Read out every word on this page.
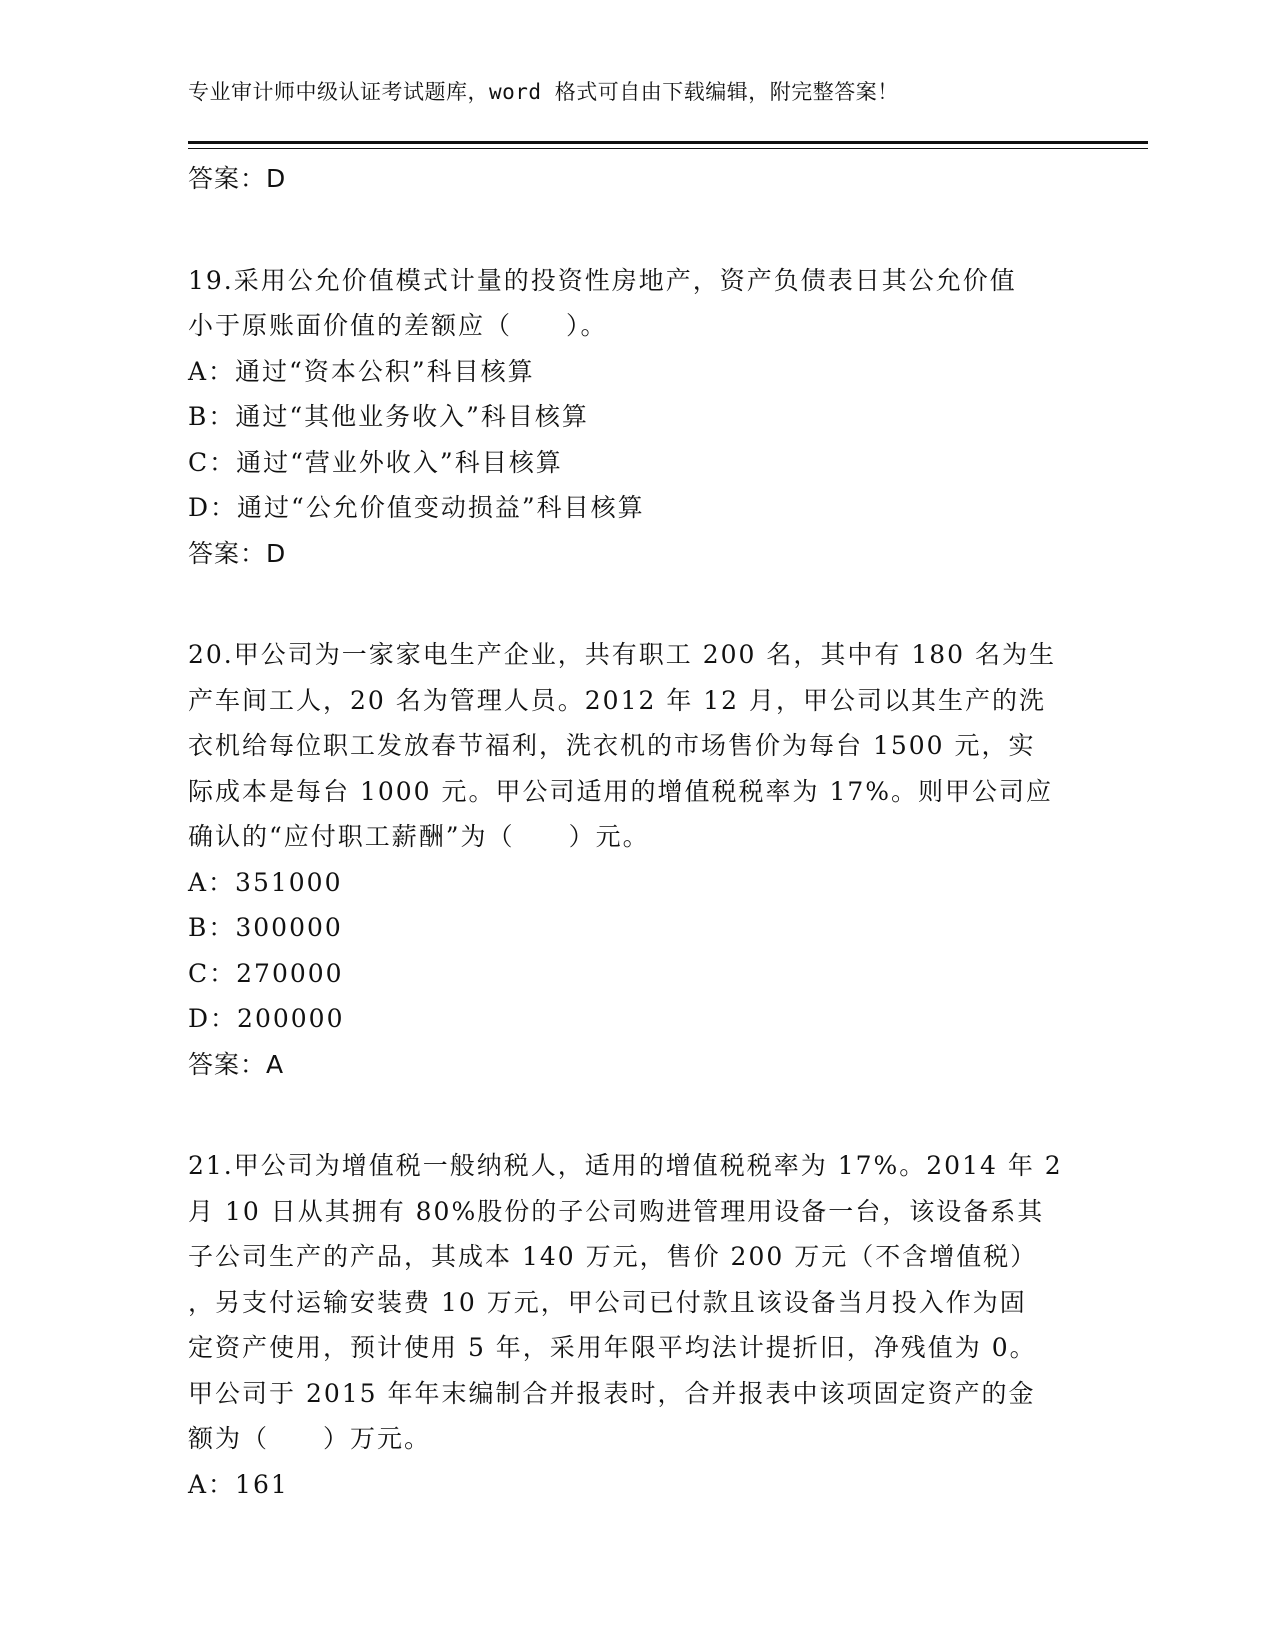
专业审计师中级认证考试题库，word 格式可自由下载编辑，附完整答案！
答案：D
19.采用公允价值模式计量的投资性房地产，资产负债表日其公允价值
小于原账面价值的差额应（　　）。
A：通过“资本公积”科目核算
B：通过“其他业务收入”科目核算
C：通过“营业外收入”科目核算
D：通过“公允价值变动损益”科目核算
答案：D
20.甲公司为一家家电生产企业，共有职工 200 名，其中有 180 名为生
产车间工人，20 名为管理人员。2012 年 12 月，甲公司以其生产的洗
衣机给每位职工发放春节福利，洗衣机的市场售价为每台 1500 元，实
际成本是每台 1000 元。甲公司适用的增值税税率为 17%。则甲公司应
确认的“应付职工薪酬”为（　　）元。
A：351000
B：300000
C：270000
D：200000
答案：A
21.甲公司为增值税一般纳税人，适用的增值税税率为 17%。2014 年 2
月 10 日从其拥有 80%股份的子公司购进管理用设备一台，该设备系其
子公司生产的产品，其成本 140 万元，售价 200 万元（不含增值税）
，另支付运输安装费 10 万元，甲公司已付款且该设备当月投入作为固
定资产使用，预计使用 5 年，采用年限平均法计提折旧，净残值为 0。
甲公司于 2015 年年末编制合并报表时，合并报表中该项固定资产的金
额为（　　）万元。
A：161
